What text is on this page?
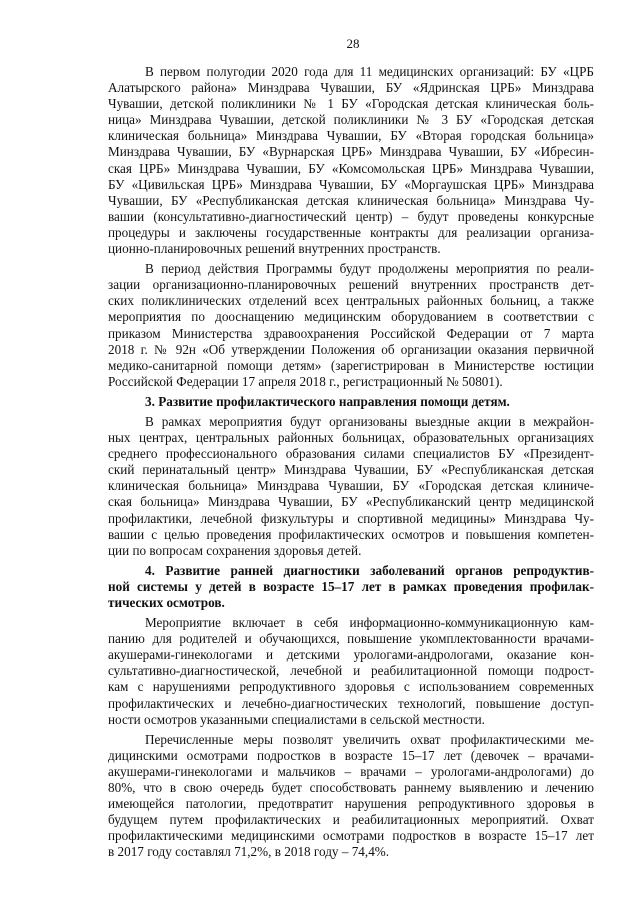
28
В первом полугодии 2020 года для 11 медицинских организаций: БУ «ЦРБ
Алатырского района» Минздрава Чувашии, БУ «Ядринская ЦРБ» Минздрава
Чувашии, детской поликлиники № 1 БУ «Городская детская клиническая боль-
ница» Минздрава Чувашии, детской поликлиники № 3 БУ «Городская детская
клиническая больница» Минздрава Чувашии, БУ «Вторая городская больница»
Минздрава Чувашии, БУ «Вурнарская ЦРБ» Минздрава Чувашии, БУ «Ибресин-
ская ЦРБ» Минздрава Чувашии, БУ «Комсомольская ЦРБ» Минздрава Чувашии,
БУ «Цивильская ЦРБ» Минздрава Чувашии, БУ «Моргаушская ЦРБ» Минздрава
Чувашии, БУ «Республиканская детская клиническая больница» Минздрава Чу-
вашии (консультативно-диагностический центр) – будут проведены конкурсные
процедуры и заключены государственные контракты для реализации организа-
ционно-планировочных решений внутренних пространств.
В период действия Программы будут продолжены мероприятия по реали-
зации организационно-планировочных решений внутренних пространств дет-
ских поликлинических отделений всех центральных районных больниц, а также
мероприятия по дооснащению медицинским оборудованием в соответствии с
приказом Министерства здравоохранения Российской Федерации от 7 марта
2018 г. № 92н «Об утверждении Положения об организации оказания первичной
медико-санитарной помощи детям» (зарегистрирован в Министерстве юстиции
Российской Федерации 17 апреля 2018 г., регистрационный № 50801).
3. Развитие профилактического направления помощи детям.
В рамках мероприятия будут организованы выездные акции в межрайон-
ных центрах, центральных районных больницах, образовательных организациях
среднего профессионального образования силами специалистов БУ «Президент-
ский перинатальный центр» Минздрава Чувашии, БУ «Республиканская детская
клиническая больница» Минздрава Чувашии, БУ «Городская детская клиниче-
ская больница» Минздрава Чувашии, БУ «Республиканский центр медицинской
профилактики, лечебной физкультуры и спортивной медицины» Минздрава Чу-
вашии с целью проведения профилактических осмотров и повышения компетен-
ции по вопросам сохранения здоровья детей.
4. Развитие ранней диагностики заболеваний органов репродуктив-
ной системы у детей в возрасте 15–17 лет в рамках проведения профилак-
тических осмотров.
Мероприятие включает в себя информационно-коммуникационную кам-
панию для родителей и обучающихся, повышение укомплектованности врачами-
акушерами-гинекологами и детскими урологами-андрологами, оказание кон-
сультативно-диагностической, лечебной и реабилитационной помощи подрост-
кам с нарушениями репродуктивного здоровья с использованием современных
профилактических и лечебно-диагностических технологий, повышение доступ-
ности осмотров указанными специалистами в сельской местности.
Перечисленные меры позволят увеличить охват профилактическими ме-
дицинскими осмотрами подростков в возрасте 15–17 лет (девочек – врачами-
акушерами-гинекологами и мальчиков – врачами – урологами-андрологами) до
80%, что в свою очередь будет способствовать раннему выявлению и лечению
имеющейся патологии, предотвратит нарушения репродуктивного здоровья в
будущем путем профилактических и реабилитационных мероприятий. Охват
профилактическими медицинскими осмотрами подростков в возрасте 15–17 лет
в 2017 году составлял 71,2%, в 2018 году – 74,4%.
